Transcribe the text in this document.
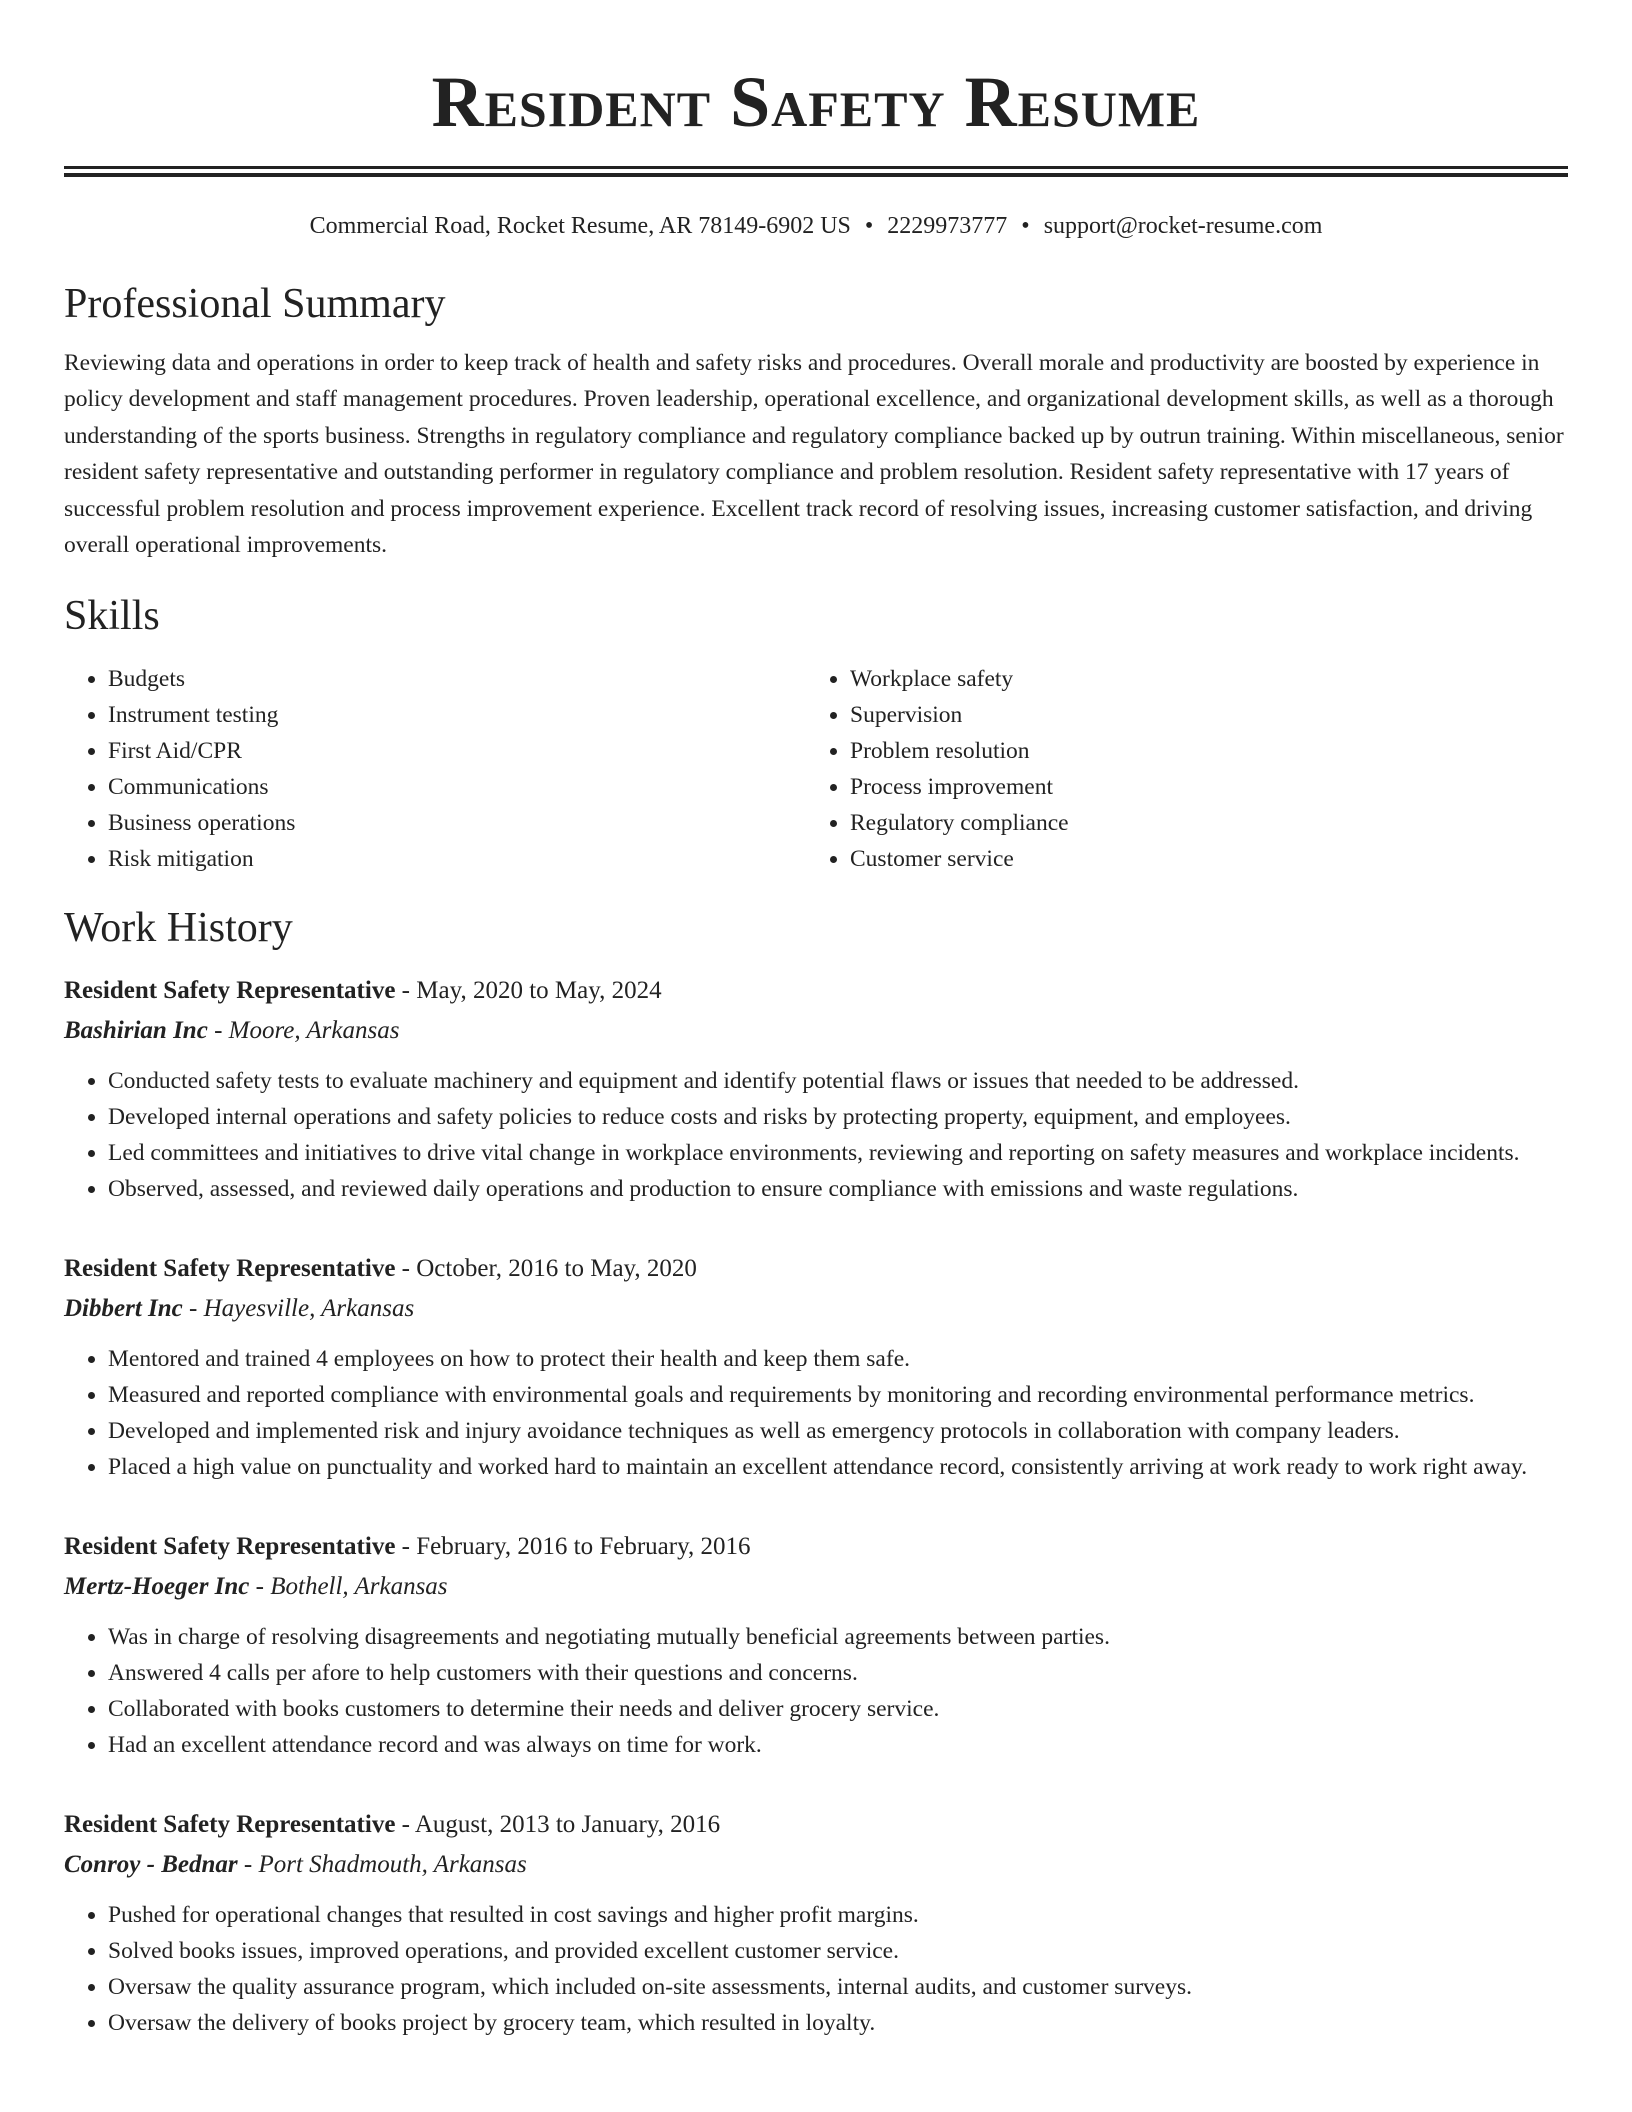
Resident Safety Resume
Commercial Road, Rocket Resume, AR 78149-6902 US • 2229973777 • support@rocket-resume.com
Professional Summary
Reviewing data and operations in order to keep track of health and safety risks and procedures. Overall morale and productivity are boosted by experience in policy development and staff management procedures. Proven leadership, operational excellence, and organizational development skills, as well as a thorough understanding of the sports business. Strengths in regulatory compliance and regulatory compliance backed up by outrun training. Within miscellaneous, senior resident safety representative and outstanding performer in regulatory compliance and problem resolution. Resident safety representative with 17 years of successful problem resolution and process improvement experience. Excellent track record of resolving issues, increasing customer satisfaction, and driving overall operational improvements.
Skills
• Budgets
• Instrument testing
• First Aid/CPR
• Communications
• Business operations
• Risk mitigation
• Workplace safety
• Supervision
• Problem resolution
• Process improvement
• Regulatory compliance
• Customer service
Work History
Resident Safety Representative - May, 2020 to May, 2024
Bashirian Inc - Moore, Arkansas
• Conducted safety tests to evaluate machinery and equipment and identify potential flaws or issues that needed to be addressed.
• Developed internal operations and safety policies to reduce costs and risks by protecting property, equipment, and employees.
• Led committees and initiatives to drive vital change in workplace environments, reviewing and reporting on safety measures and workplace incidents.
• Observed, assessed, and reviewed daily operations and production to ensure compliance with emissions and waste regulations.
Resident Safety Representative - October, 2016 to May, 2020
Dibbert Inc - Hayesville, Arkansas
• Mentored and trained 4 employees on how to protect their health and keep them safe.
• Measured and reported compliance with environmental goals and requirements by monitoring and recording environmental performance metrics.
• Developed and implemented risk and injury avoidance techniques as well as emergency protocols in collaboration with company leaders.
• Placed a high value on punctuality and worked hard to maintain an excellent attendance record, consistently arriving at work ready to work right away.
Resident Safety Representative - February, 2016 to February, 2016
Mertz-Hoeger Inc - Bothell, Arkansas
• Was in charge of resolving disagreements and negotiating mutually beneficial agreements between parties.
• Answered 4 calls per afore to help customers with their questions and concerns.
• Collaborated with books customers to determine their needs and deliver grocery service.
• Had an excellent attendance record and was always on time for work.
Resident Safety Representative - August, 2013 to January, 2016
Conroy - Bednar - Port Shadmouth, Arkansas
• Pushed for operational changes that resulted in cost savings and higher profit margins.
• Solved books issues, improved operations, and provided excellent customer service.
• Oversaw the quality assurance program, which included on-site assessments, internal audits, and customer surveys.
• Oversaw the delivery of books project by grocery team, which resulted in loyalty.
